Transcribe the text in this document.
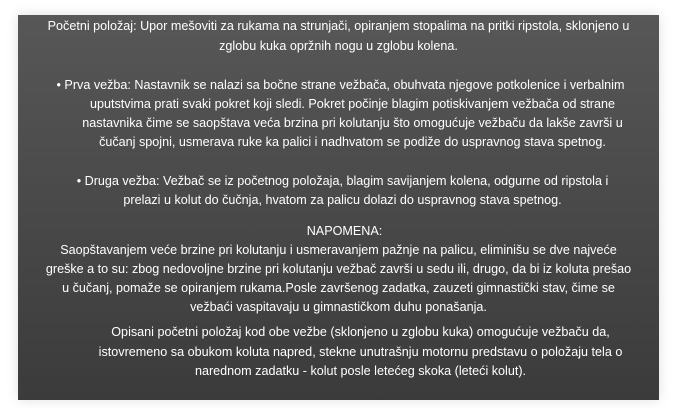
Početni položaj: Upor mešoviti za rukama na strunjači, opiranjem stopalima na pritki ripstola, sklonjeno u
zglobu kuka opržnih nogu u zglobu kolena.
• Prva vežba: Nastavnik se nalazi sa bočne strane vežbača, obuhvata njegove potkolenice i verbalnim
uputstvima prati svaki pokret koji sledi. Pokret počinje blagim potiskivanjem vežbača od strane
nastavnika čime se saopštava veća brzina pri kolutanju što omogućuje vežbaču da lakše završi u
čučanj spojni, usmerava ruke ka palici i nadhvatom se podiže do uspravnog stava spetnog.
• Druga vežba: Vežbač se iz početnog položaja, blagim savijanjem kolena, odgurne od ripstola i
prelazi u kolut do čučnja, hvatom za palicu dolazi do uspravnog stava spetnog.
NAPOMENA:
Saopštavanjem veće brzine pri kolutanju i usmeravanjem pažnje na palicu, eliminišu se dve najveće
greške a to su: zbog nedovoljne brzine pri kolutanju vežbač završi u sedu ili, drugo, da bi iz koluta prešao
u čučanj, pomaže se opiranjem rukama.Posle završenog zadatka, zauzeti gimnastički stav, čime se
vežbaći vaspitavaju u gimnastičkom duhu ponašanja.
Opisani početni položaj kod obe vežbe (sklonjeno u zglobu kuka) omogućuje vežbaču da,
istovremeno sa obukom koluta napred, stekne unutrašnju motornu predstavu o položaju tela o
narednom zadatku - kolut posle letećeg skoka (leteći kolut).
